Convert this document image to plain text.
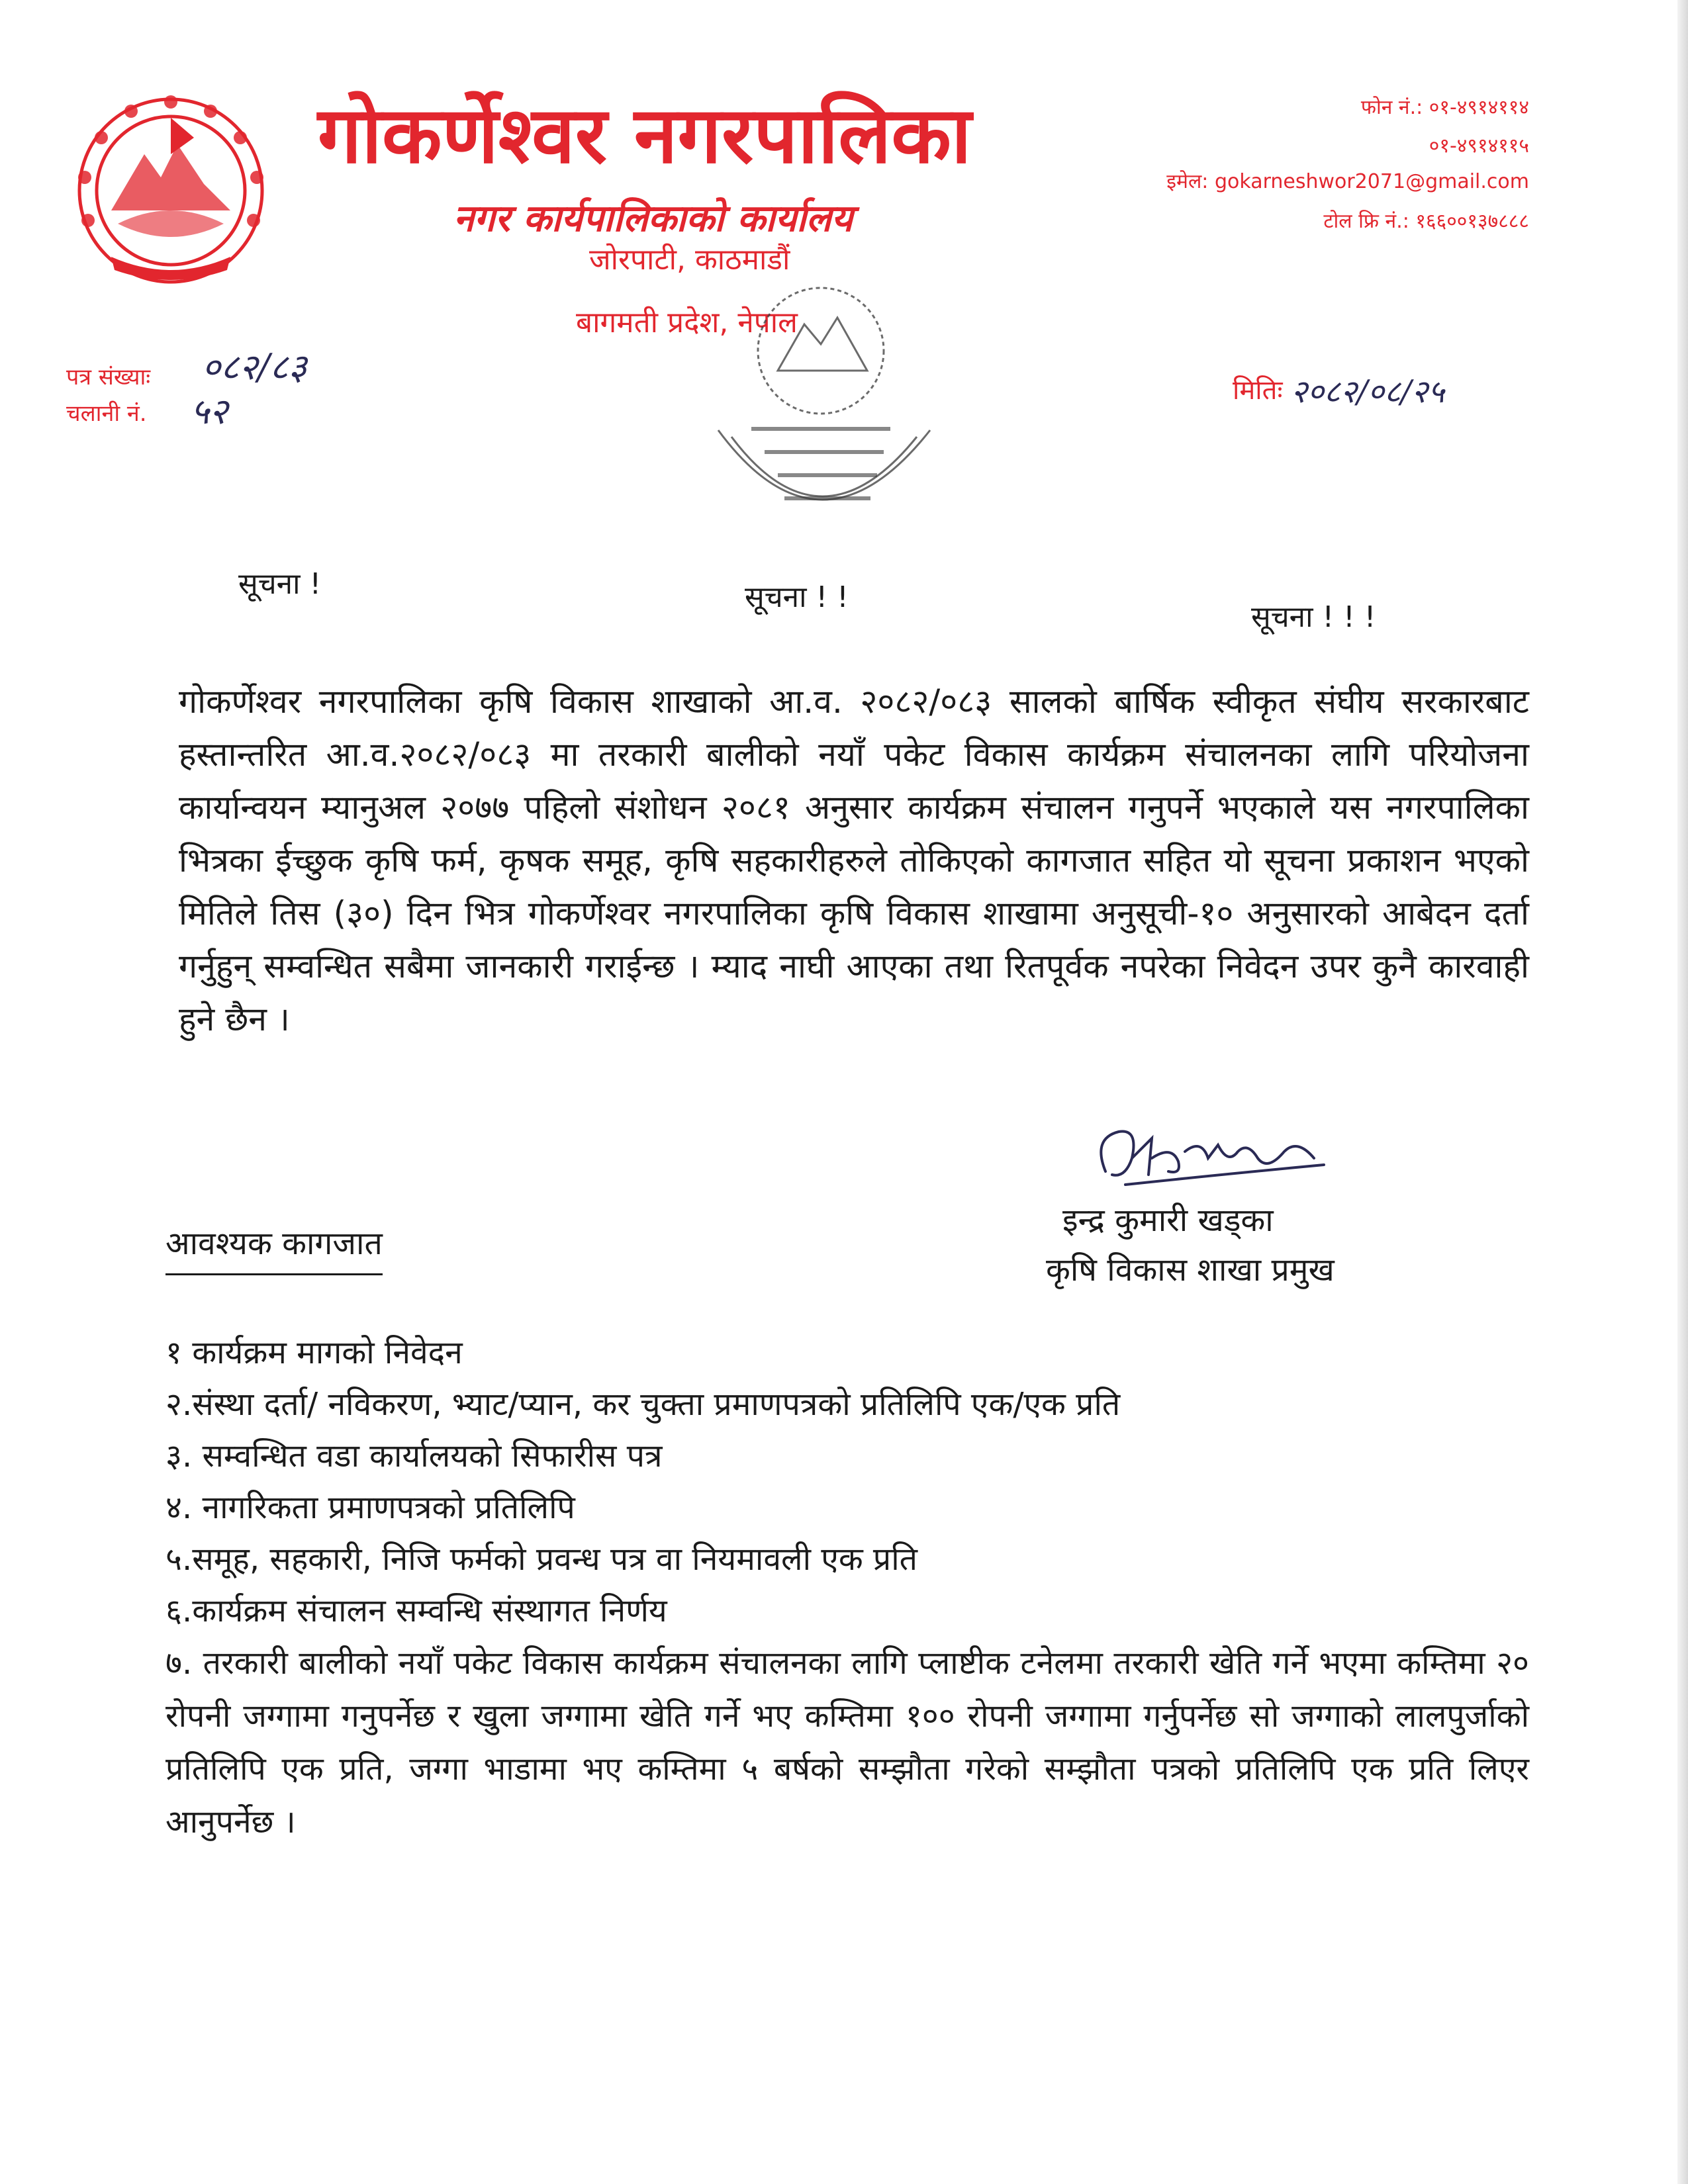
गोकर्णेश्वर नगरपालिका
नगर कार्यपालिकाको कार्यालय
जोरपाटी, काठमाडौं
बागमती प्रदेश, नेपाल
फोन नं.: ०१-४९१४११४
०१-४९१४११५
इमेल: gokarneshwor2071@gmail.com
टोल फ्रि नं.: १६६००१३७८८८
पत्र संख्याः ०८२/८३
चलानी नं. ५२	मितिः २०८२/०८/२५
सूचना !	सूचना ! !
सूचना ! ! !
गोकर्णेश्वर नगरपालिका कृषि विकास शाखाको आ.व. २०८२/०८३ सालको बार्षिक स्वीकृत संघीय सरकारबाट हस्तान्तरित आ.व.२०८२/०८३ मा तरकारी बालीको नयाँ पकेट विकास कार्यक्रम संचालनका लागि परियोजना कार्यान्वयन म्यानुअल २०७७ पहिलो संशोधन २०८१ अनुसार कार्यक्रम संचालन गनुपर्ने भएकाले यस नगरपालिका भित्रका ईच्छुक कृषि फर्म, कृषक समूह, कृषि सहकारीहरुले तोकिएको कागजात सहित यो सूचना प्रकाशन भएको मितिले तिस (३०) दिन भित्र गोकर्णेश्वर नगरपालिका कृषि विकास शाखामा अनुसूची-१० अनुसारको आबेदन दर्ता गर्नुहुन् सम्वन्धित सबैमा जानकारी गराईन्छ । म्याद नाघी आएका तथा रितपूर्वक नपरेका निवेदन उपर कुनै कारवाही हुने छैन ।
इन्द्र कुमारी खड्का
कृषि विकास शाखा प्रमुख
आवश्यक कागजात
१ कार्यक्रम मागको निवेदन
२.संस्था दर्ता/ नविकरण, भ्याट/प्यान, कर चुक्ता प्रमाणपत्रको प्रतिलिपि एक/एक प्रति
३. सम्वन्धित वडा कार्यालयको सिफारीस पत्र
४. नागरिकता प्रमाणपत्रको प्रतिलिपि
५.समूह, सहकारी, निजि फर्मको प्रवन्ध पत्र वा नियमावली एक प्रति
६.कार्यक्रम संचालन सम्वन्धि संस्थागत निर्णय
७. तरकारी बालीको नयाँ पकेट विकास कार्यक्रम संचालनका लागि प्लाष्टीक टनेलमा तरकारी खेति गर्ने भएमा कम्तिमा २० रोपनी जग्गामा गनुपर्नेछ र खुला जग्गामा खेति गर्ने भए कम्तिमा १०० रोपनी जग्गामा गर्नुपर्नेछ सो जग्गाको लालपुर्जाको प्रतिलिपि एक प्रति, जग्गा भाडामा भए कम्तिमा ५ बर्षको सम्झौता गरेको सम्झौता पत्रको प्रतिलिपि एक प्रति लिएर आनुपर्नेछ ।
